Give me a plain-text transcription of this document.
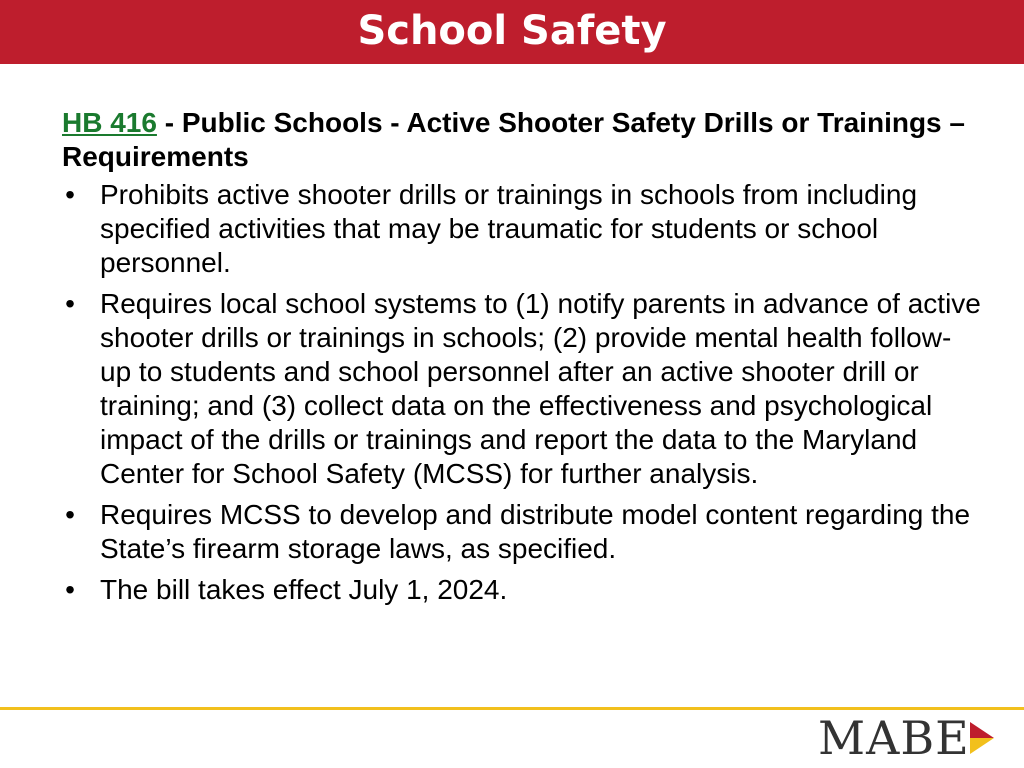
School Safety

HB 416 - Public Schools - Active Shooter Safety Drills or Trainings – Requirements

• Prohibits active shooter drills or trainings in schools from including specified activities that may be traumatic for students or school personnel.
• Requires local school systems to (1) notify parents in advance of active shooter drills or trainings in schools; (2) provide mental health follow-up to students and school personnel after an active shooter drill or training; and (3) collect data on the effectiveness and psychological impact of the drills or trainings and report the data to the Maryland Center for School Safety (MCSS) for further analysis.
• Requires MCSS to develop and distribute model content regarding the State’s firearm storage laws, as specified.
• The bill takes effect July 1, 2024.
MABE
